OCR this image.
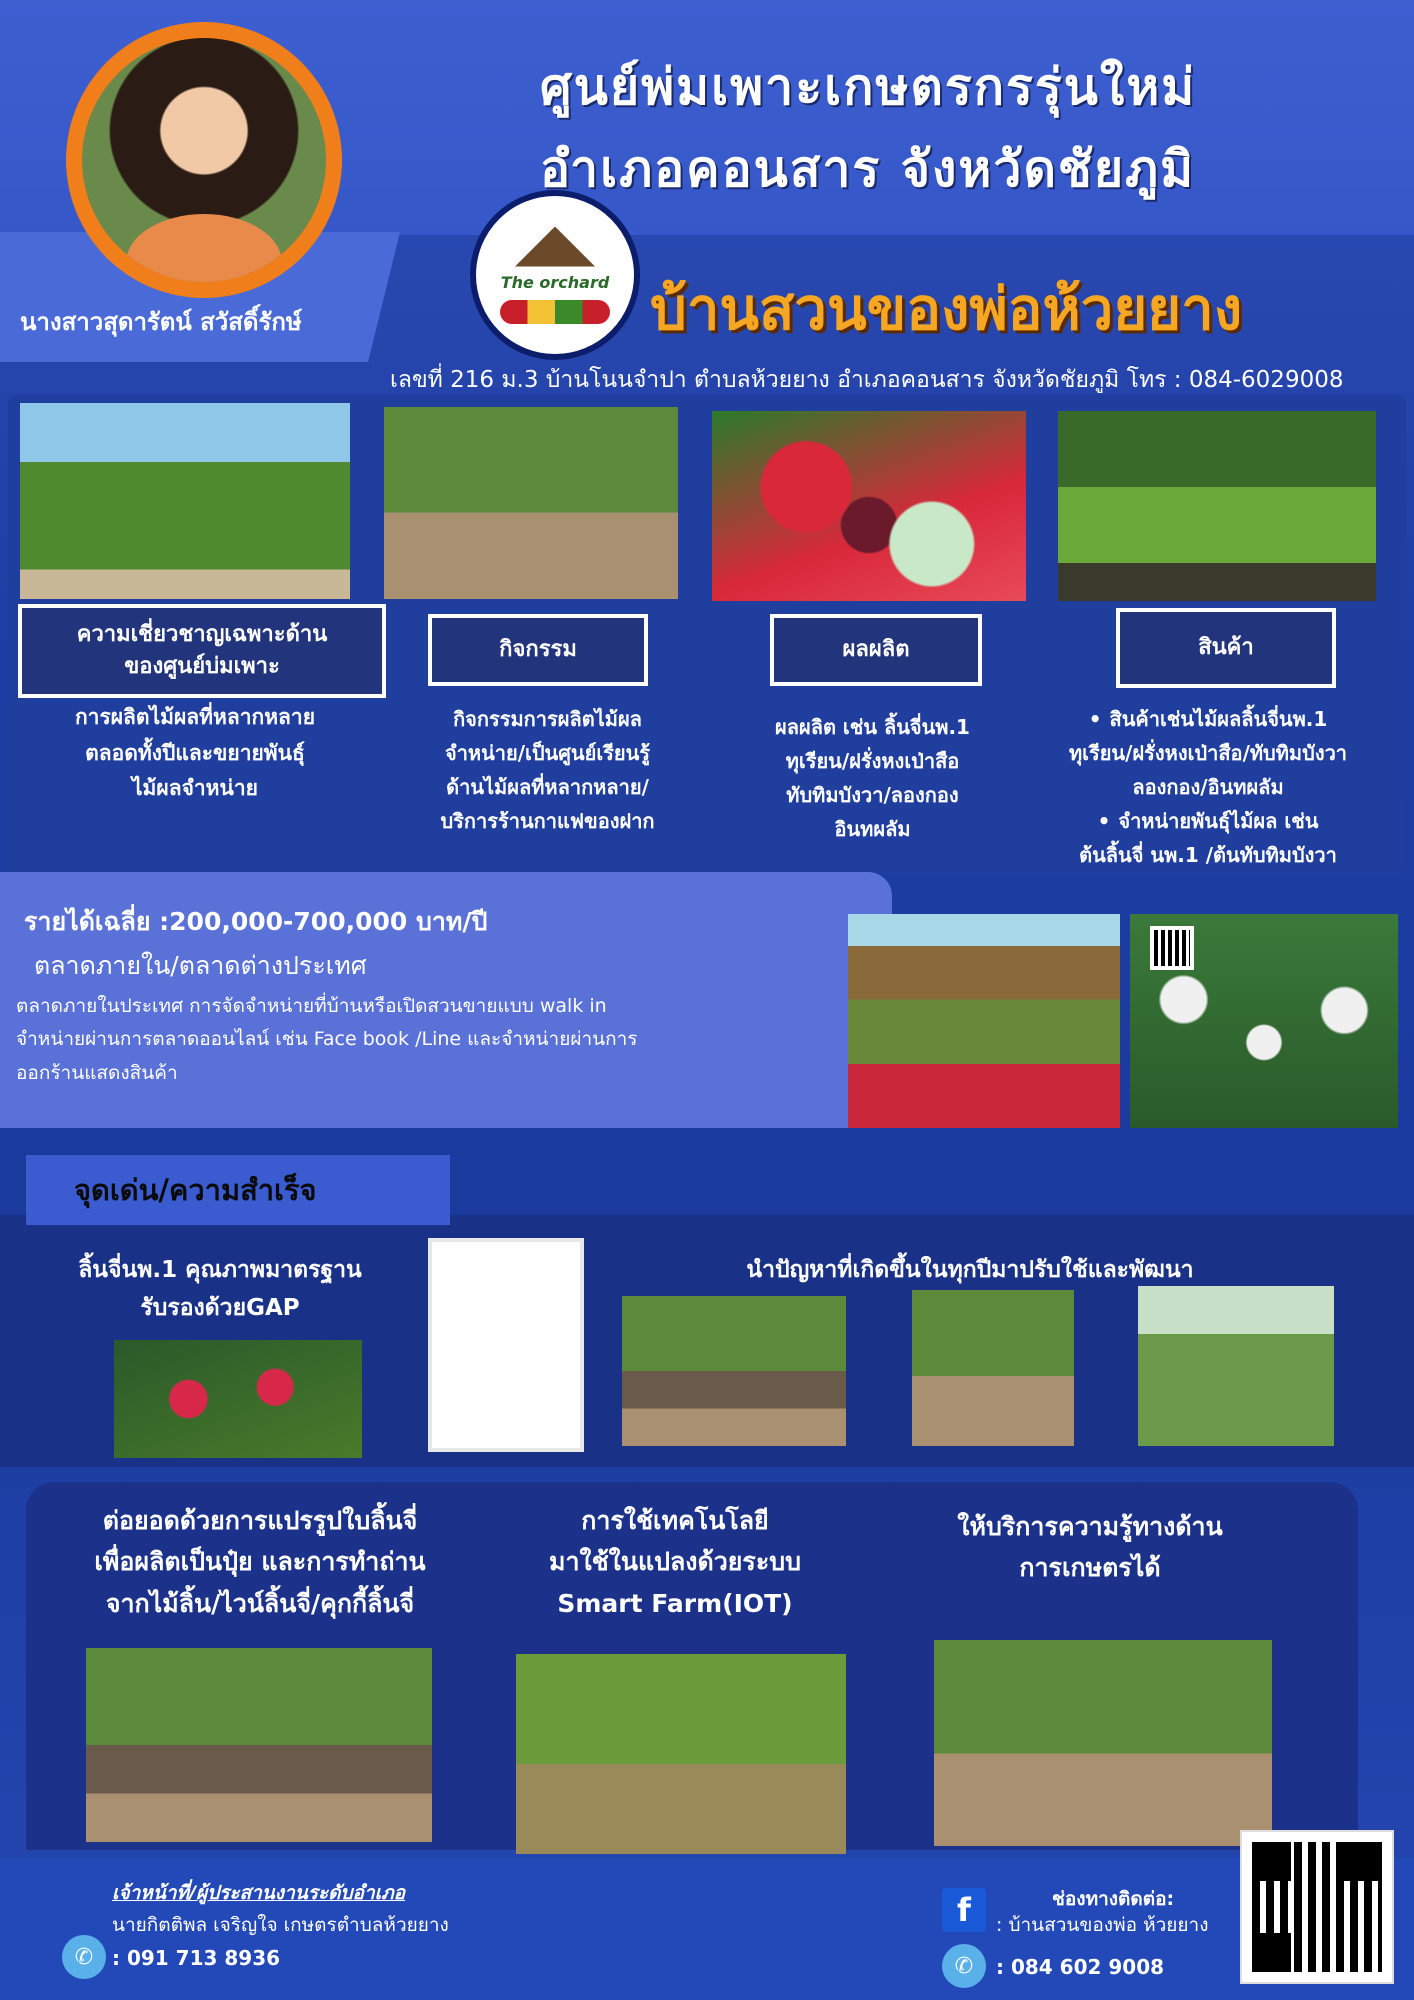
นางสาวสุดารัตน์ สวัสดิ์รักษ์
ศูนย์พ่มเพาะเกษตรกรรุ่นใหม่
อำเภอคอนสาร จังหวัดชัยภูมิ
The orchard บ้านสวนของพ่อห้วยยาง
เลขที่ 216 ม.3 บ้านโนนจำปา ตำบลห้วยยาง อำเภอคอนสาร จังหวัดชัยภูมิ โทร : 084-6029008
ความเชี่ยวชาญเฉพาะด้าน
ของศูนย์บ่มเพาะ
กิจกรรม	ผลผลิต	สินค้า
การผลิตไม้ผลที่หลากหลาย
ตลอดทั้งปีและขยายพันธุ์
ไม้ผลจำหน่าย
กิจกรรมการผลิตไม้ผล
จำหน่าย/เป็นศูนย์เรียนรู้
ด้านไม้ผลที่หลากหลาย/
บริการร้านกาแฟของฝาก
ผลผลิต เช่น ลิ้นจี่นพ.1
ทุเรียน/ฝรั่งหงเป่าสือ
ทับทิมบังวา/ลองกอง
อินทผลัม
• สินค้าเช่นไม้ผลลิ้นจี่นพ.1
ทุเรียน/ฝรั่งหงเป่าสือ/ทับทิมบังวา
ลองกอง/อินทผลัม
• จำหน่ายพันธุ์ไม้ผล เช่น
ต้นลิ้นจี่ นพ.1 /ต้นทับทิมบังวา
รายได้เฉลี่ย :200,000-700,000 บาท/ปี
ตลาดภายใน/ตลาดต่างประเทศ
ตลาดภายในประเทศ การจัดจำหน่ายที่บ้านหรือเปิดสวนขายแบบ walk in
จำหน่ายผ่านการตลาดออนไลน์ เช่น Face book /Line และจำหน่ายผ่านการ
ออกร้านแสดงสินค้า
จุดเด่น/ความสำเร็จ
ลิ้นจี่นพ.1 คุณภาพมาตรฐาน
รับรองด้วยGAP
นำปัญหาที่เกิดขึ้นในทุกปีมาปรับใช้และพัฒนา
ต่อยอดด้วยการแปรรูปใบลิ้นจี่
เพื่อผลิตเป็นปุ๋ย และการทำถ่าน
จากไม้ลิ้น/ไวน์ลิ้นจี่/คุกกี้ลิ้นจี่
การใช้เทคโนโลยี
มาใช้ในแปลงด้วยระบบ
Smart Farm(IOT)
ให้บริการความรู้ทางด้าน
การเกษตรได้
เจ้าหน้าที่/ผู้ประสานงานระดับอำเภอ
นายกิตติพล เจริญใจ เกษตรตำบลห้วยยาง
✆ : 091 713 8936
ช่องทางติดต่อ:
f	: บ้านสวนของพ่อ ห้วยยาง
✆	: 084 602 9008
